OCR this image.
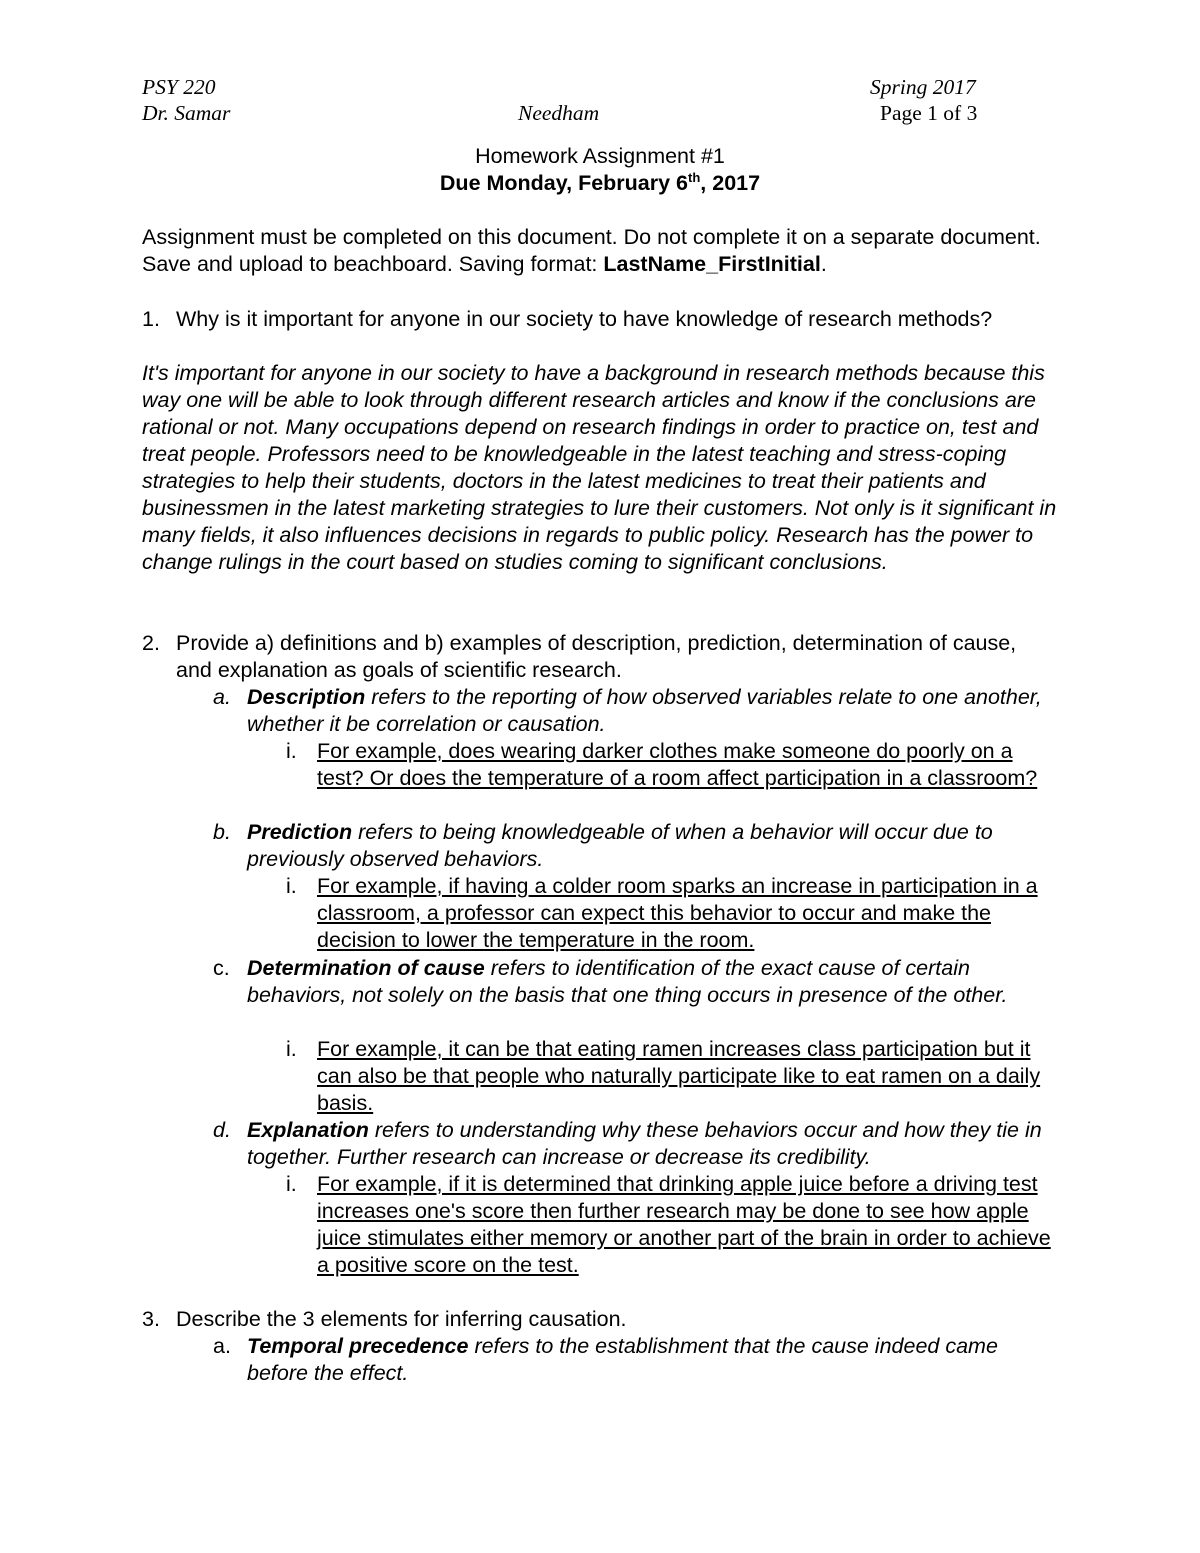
PSY 220	Spring 2017
Dr. Samar	Needham	Page 1 of 3
Homework Assignment #1
Due Monday, February 6th, 2017
Assignment must be completed on this document. Do not complete it on a separate document. Save and upload to beachboard. Saving format: LastName_FirstInitial.
1. Why is it important for anyone in our society to have knowledge of research methods?
It's important for anyone in our society to have a background in research methods because this way one will be able to look through different research articles and know if the conclusions are rational or not. Many occupations depend on research findings in order to practice on, test and treat people. Professors need to be knowledgeable in the latest teaching and stress-coping strategies to help their students, doctors in the latest medicines to treat their patients and businessmen in the latest marketing strategies to lure their customers. Not only is it significant in many fields, it also influences decisions in regards to public policy. Research has the power to change rulings in the court based on studies coming to significant conclusions.
2. Provide a) definitions and b) examples of description, prediction, determination of cause, and explanation as goals of scientific research.
a. Description refers to the reporting of how observed variables relate to one another, whether it be correlation or causation.
i. For example, does wearing darker clothes make someone do poorly on a test? Or does the temperature of a room affect participation in a classroom?
b. Prediction refers to being knowledgeable of when a behavior will occur due to previously observed behaviors.
i. For example, if having a colder room sparks an increase in participation in a classroom, a professor can expect this behavior to occur and make the decision to lower the temperature in the room.
c. Determination of cause refers to identification of the exact cause of certain behaviors, not solely on the basis that one thing occurs in presence of the other.
i. For example, it can be that eating ramen increases class participation but it can also be that people who naturally participate like to eat ramen on a daily basis.
d. Explanation refers to understanding why these behaviors occur and how they tie in together. Further research can increase or decrease its credibility.
i. For example, if it is determined that drinking apple juice before a driving test increases one's score then further research may be done to see how apple juice stimulates either memory or another part of the brain in order to achieve a positive score on the test.
3. Describe the 3 elements for inferring causation.
a. Temporal precedence refers to the establishment that the cause indeed came before the effect.
